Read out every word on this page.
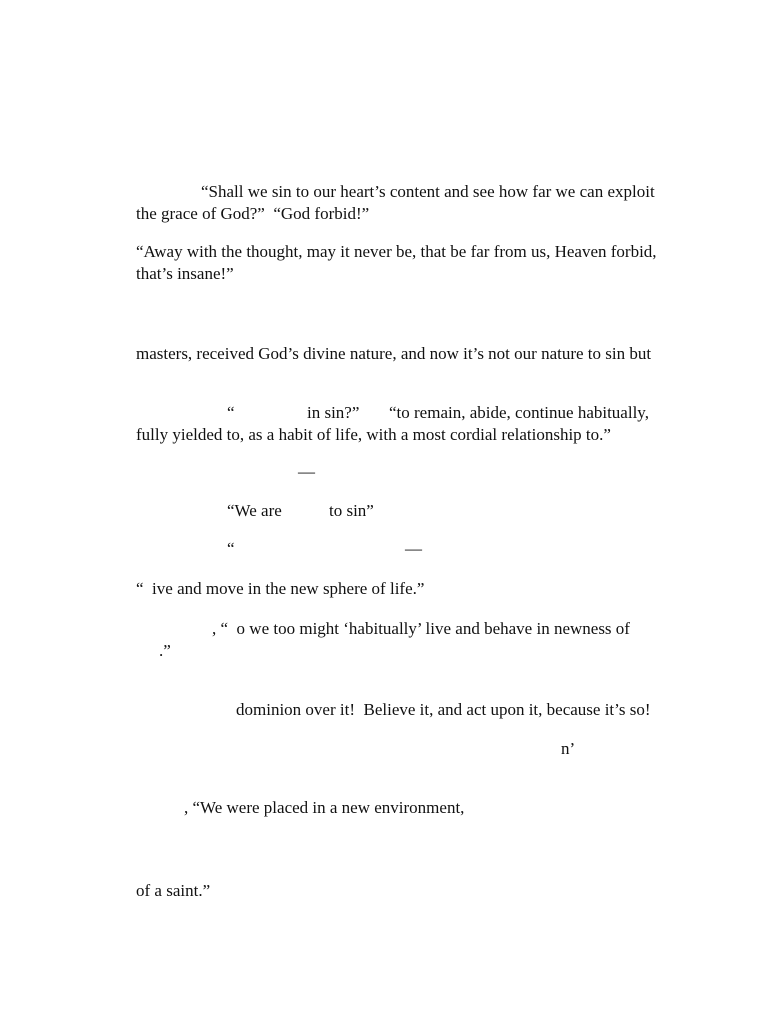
“Shall we sin to our heart’s content and see how far we can exploit
the grace of God?”  “God forbid!”
“Away with the thought, may it never be, that be far from us, Heaven forbid,
that’s insane!”
masters, received God’s divine nature, and now it’s not our nature to sin but
“	in sin?” “to remain, abide, continue habitually,
fully yielded to, as a habit of life, with a most cordial relationship to.”
—
“We are	to sin”
“	—
“  ive and move in the new sphere of life.”
, “  o we too might ‘habitually’ live and behave in newness of
.”
dominion over it!  Believe it, and act upon it, because it’s so!
n’
, “We were placed in a new environment,
of a saint.”
